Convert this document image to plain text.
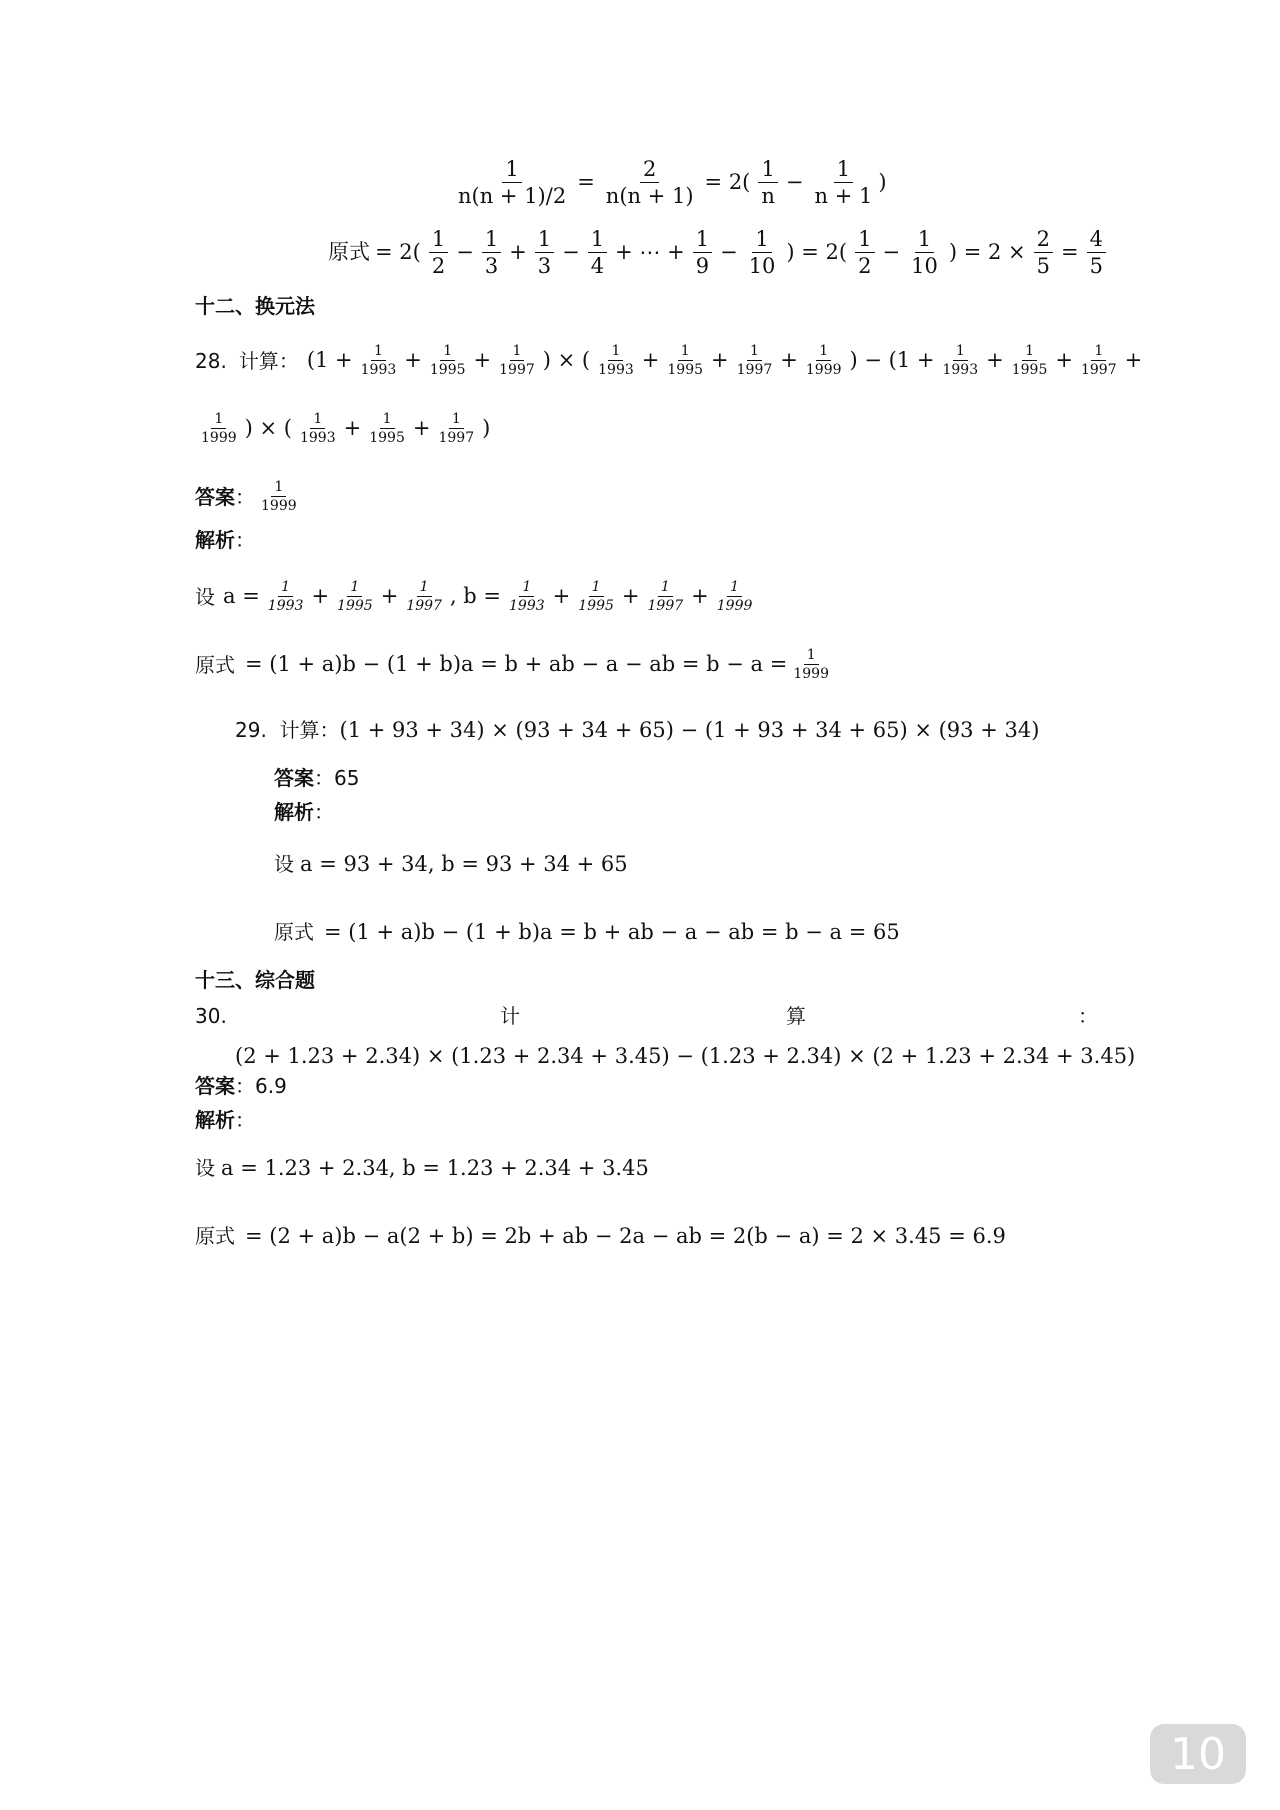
$\frac{1}{n(n + 1)/2} = \frac{2}{n(n + 1)} = 2( \frac{1}{n} - \frac{1}{n + 1}$ )
原式 = $2( \frac{1}{2} - \frac{1}{3} + \frac{1}{3} - \frac{1}{4}$ + ⋯ + $\frac{1}{9} - \frac{1}{10}$ ) = $2( \frac{1}{2} - \frac{1}{10}$ ) = $2 \times \frac{2}{5} = \frac{4}{5}$
十二、换元法
28. 计算 ： ($1 + \frac{1}{1993} + \frac{1}{1995} + \frac{1}{1997}$ ) × ( $\frac{1}{1993} + \frac{1}{1995} + \frac{1}{1997} + \frac{1}{1999}$ ) − ($1 + \frac{1}{1993} + \frac{1}{1995} + \frac{1}{1997}$ +
$\frac{1}{1999}$ ) × ( $\frac{1}{1993} + \frac{1}{1995} + \frac{1}{1997}$ )
答案 ： $\frac{1}{1999}$
解析：
设 $a = \frac{1}{1993} + \frac{1}{1995} + \frac{1}{1997}$ , $b = \frac{1}{1993} + \frac{1}{1995} + \frac{1}{1997} + \frac{1}{1999}$
原式 = (1 + a)b − (1 + b)a = b + ab − a − ab = $b - a = \frac{1}{1999}$
29. 计算：(1 + 93 + 34) × (93 + 34 + 65) − (1 + 93 + 34 + 65) × (93 + 34)
答案：65
解析：
设 a = 93 + 34, b = 93 + 34 + 65
原式 = (1 + a)b − (1 + b)a = b + ab − a − ab = b − a = 65
十三、综合题
30.	计	算	：
(2 + 1.23 + 2.34) × (1.23 + 2.34 + 3.45) − (1.23 + 2.34) × (2 + 1.23 + 2.34 + 3.45)
答案：6.9
解析：
设 a = 1.23 + 2.34, b = 1.23 + 2.34 + 3.45
原式 = (2 + a)b − a(2 + b) = 2b + ab − 2a − ab = 2(b − a) = 2 × 3.45 = 6.9
10
